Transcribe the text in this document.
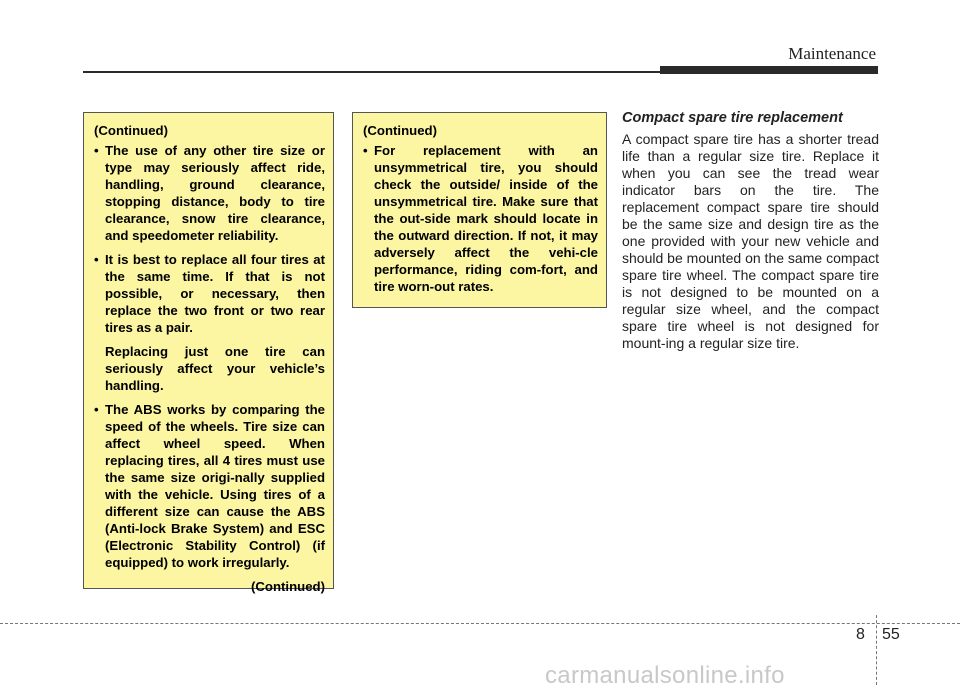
Maintenance
(Continued)
• The use of any other tire size or type may seriously affect ride, handling, ground clearance, stopping distance, body to tire clearance, snow tire clearance, and speedometer reliability.
• It is best to replace all four tires at the same time. If that is not possible, or necessary, then replace the two front or two rear tires as a pair.
Replacing just one tire can seriously affect your vehicle’s handling.
• The ABS works by comparing the speed of the wheels. Tire size can affect wheel speed. When replacing tires, all 4 tires must use the same size origi-nally supplied with the vehicle. Using tires of a different size can cause the ABS (Anti-lock Brake System) and ESC (Electronic Stability Control) (if equipped) to work irregularly.
(Continued)
(Continued)
• For replacement with an unsymmetrical tire, you should check the outside/ inside of the unsymmetrical tire. Make sure that the out-side mark should locate in the outward direction. If not, it may adversely affect the vehi-cle performance, riding com-fort, and tire worn-out rates.
Compact spare tire replacement
A compact spare tire has a shorter tread life than a regular size tire. Replace it when you can see the tread wear indicator bars on the tire. The replacement compact spare tire should be the same size and design tire as the one provided with your new vehicle and should be mounted on the same compact spare tire wheel. The compact spare tire is not designed to be mounted on a regular size wheel, and the compact spare tire wheel is not designed for mount-ing a regular size tire.
8 55
carmanualsonline.info
